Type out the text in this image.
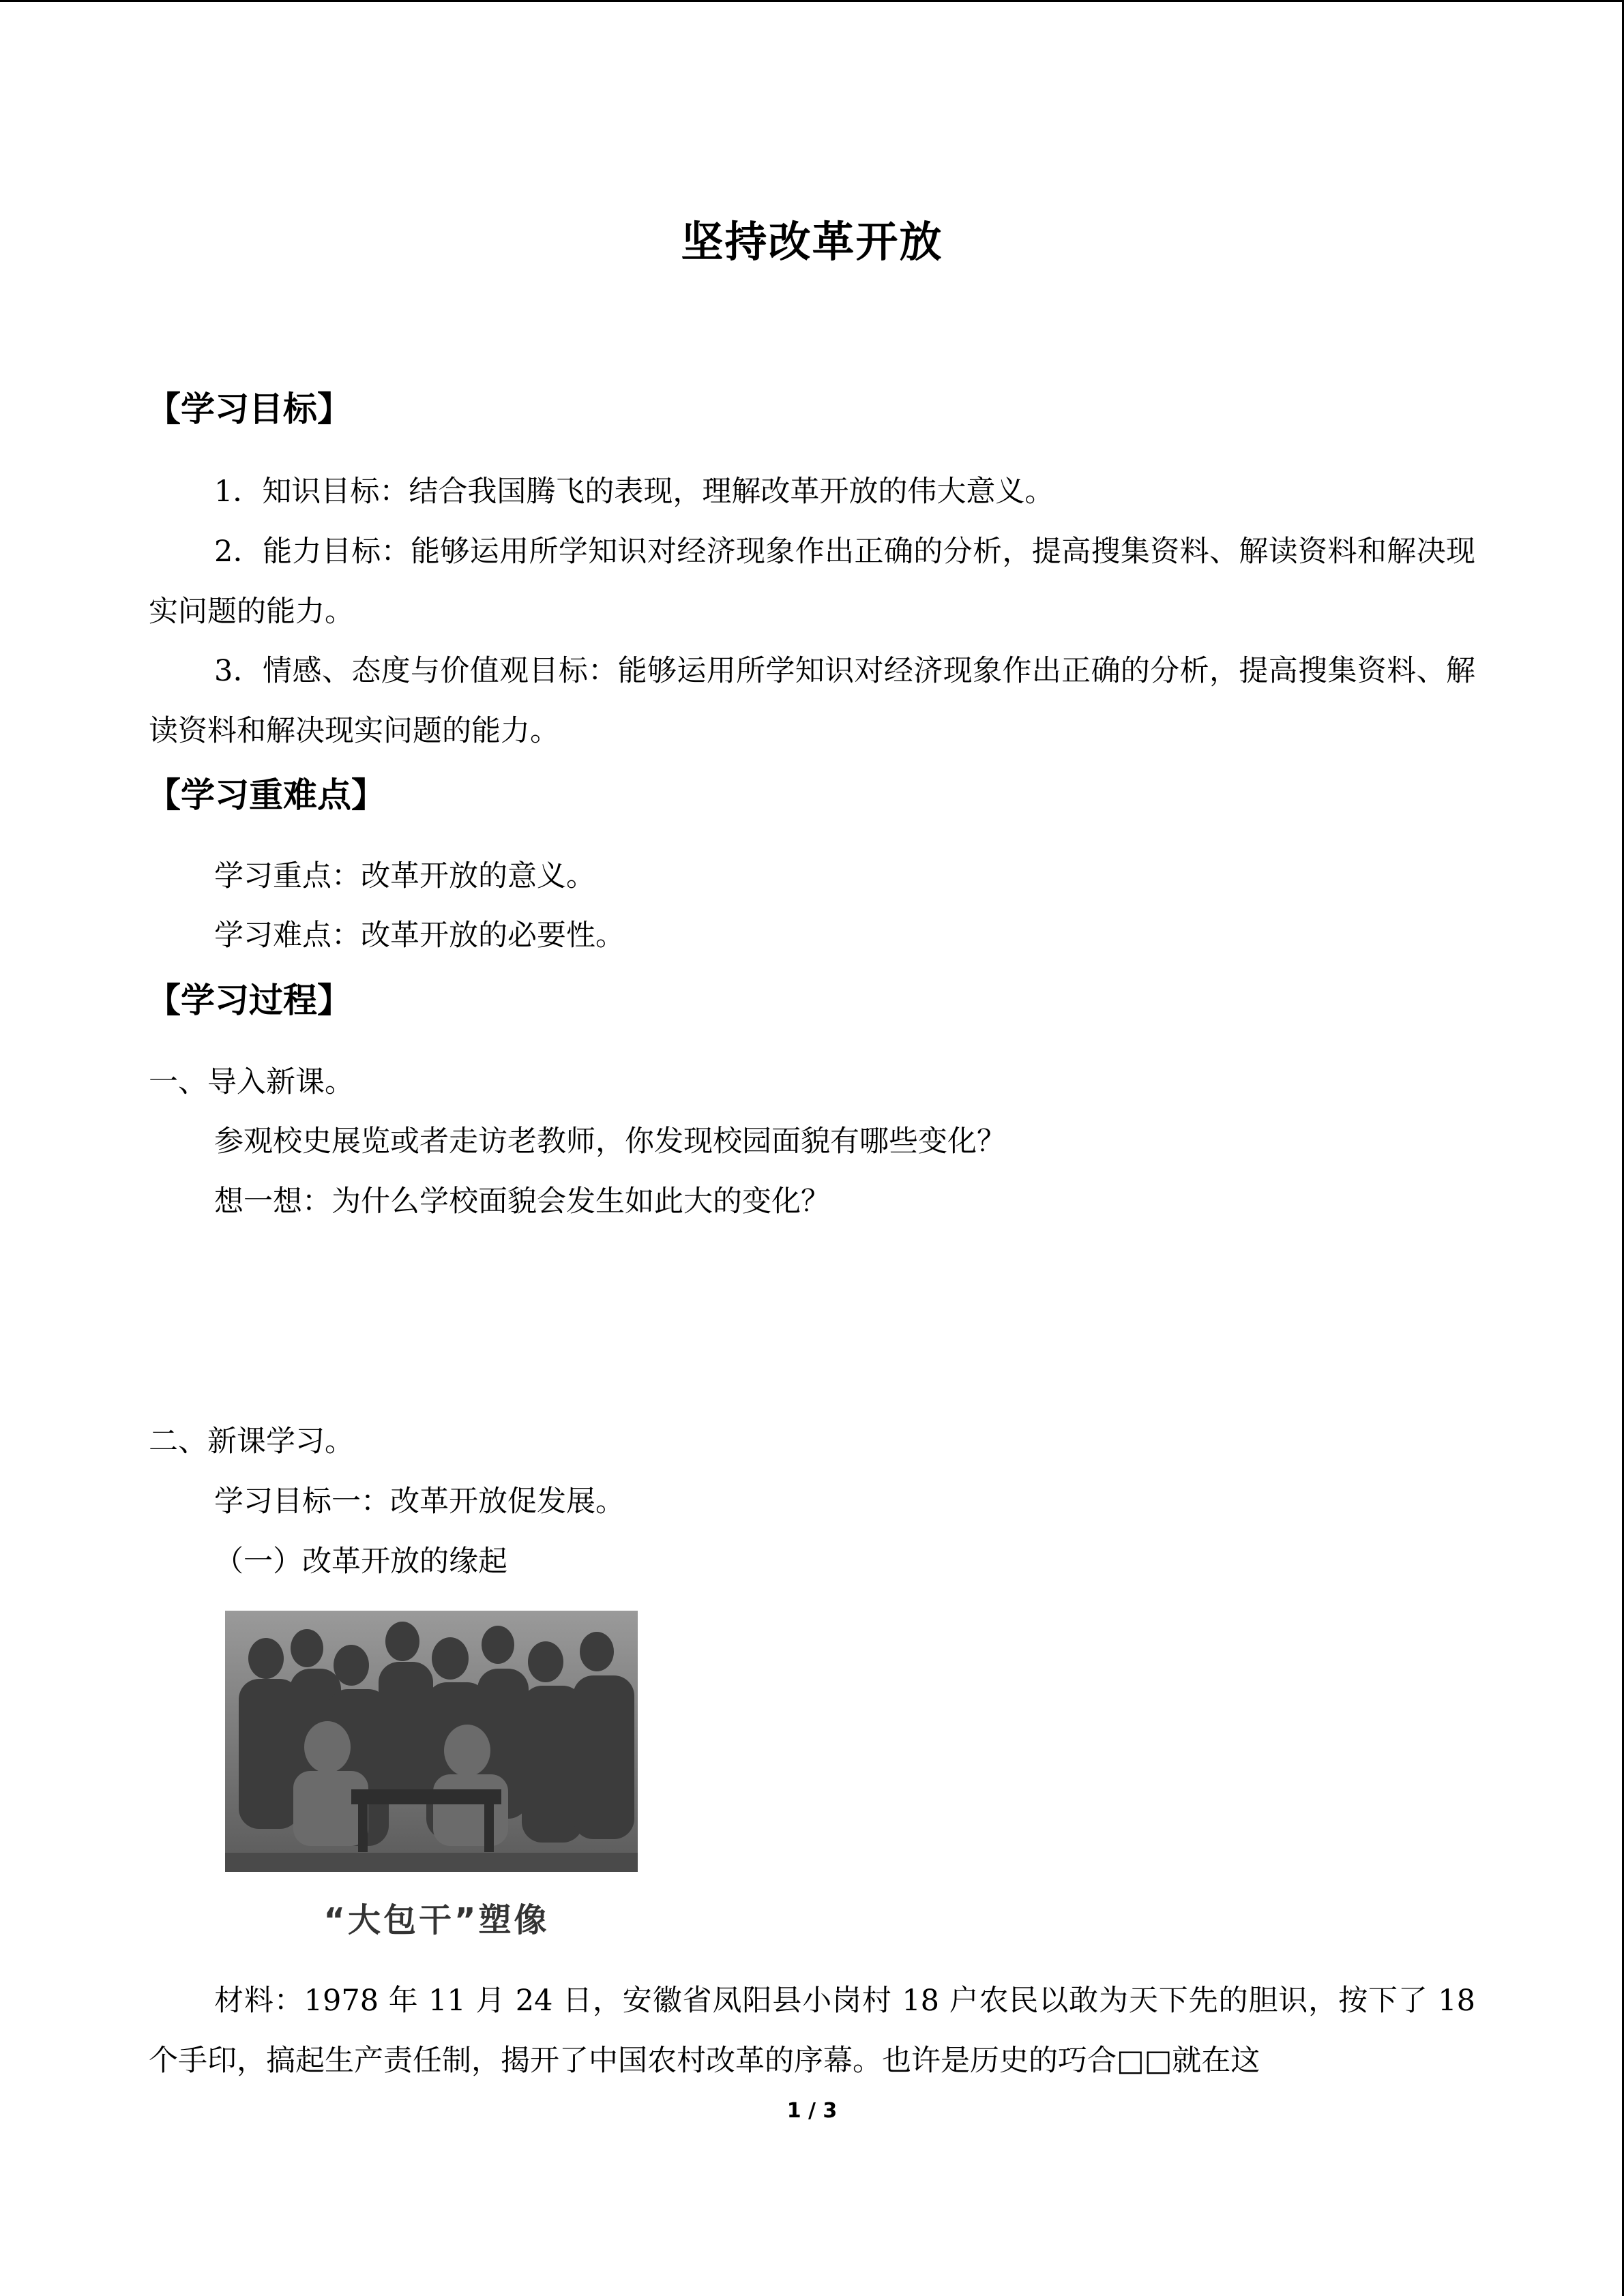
坚持改革开放
【学习目标】
1．知识目标：结合我国腾飞的表现，理解改革开放的伟大意义。
2．能力目标：能够运用所学知识对经济现象作出正确的分析，提高搜集资料、解读资料和解决现实问题的能力。
3．情感、态度与价值观目标：能够运用所学知识对经济现象作出正确的分析，提高搜集资料、解读资料和解决现实问题的能力。
【学习重难点】
学习重点：改革开放的意义。
学习难点：改革开放的必要性。
【学习过程】
一、导入新课。
参观校史展览或者走访老教师，你发现校园面貌有哪些变化？
想一想：为什么学校面貌会发生如此大的变化？
二、新课学习。
学习目标一：改革开放促发展。
（一）改革开放的缘起
“大包干”塑像
材料：1978 年 11 月 24 日，安徽省凤阳县小岗村 18 户农民以敢为天下先的胆识，按下了 18 个手印，搞起生产责任制，揭开了中国农村改革的序幕。也许是历史的巧合□□就在这
1 / 3
